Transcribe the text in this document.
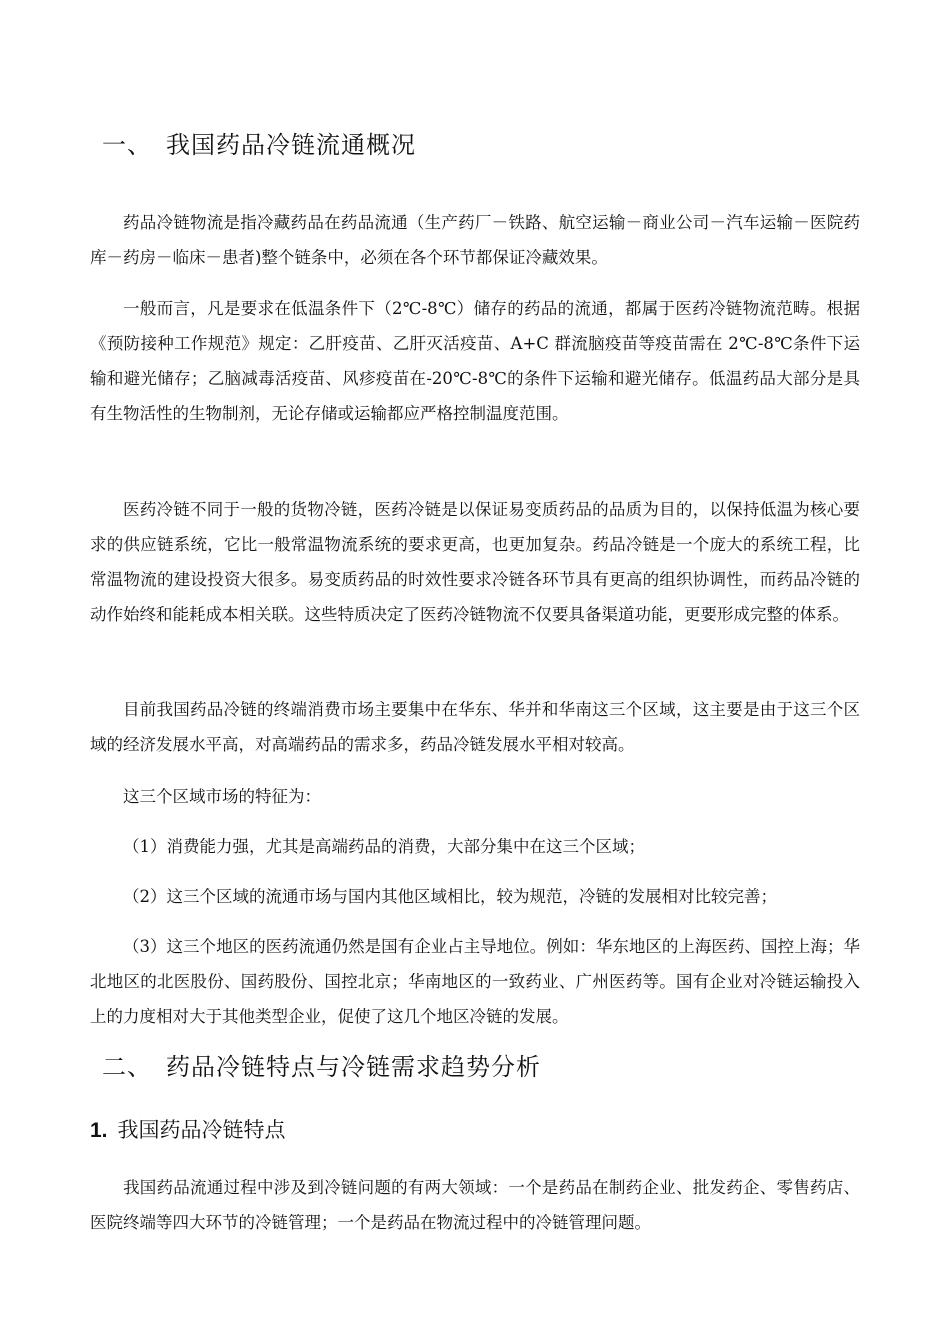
一、 我国药品冷链流通概况
药品冷链物流是指冷藏药品在药品流通（生产药厂－铁路、航空运输－商业公司－汽车运输－医院药库－药房－临床－患者)整个链条中，必须在各个环节都保证冷藏效果。
一般而言，凡是要求在低温条件下（2℃-8℃）储存的药品的流通，都属于医药冷链物流范畴。根据《预防接种工作规范》规定：乙肝疫苗、乙肝灭活疫苗、A+C 群流脑疫苗等疫苗需在 2℃-8℃条件下运输和避光储存；乙脑减毒活疫苗、风疹疫苗在-20℃-8℃的条件下运输和避光储存。低温药品大部分是具有生物活性的生物制剂，无论存储或运输都应严格控制温度范围。
医药冷链不同于一般的货物冷链，医药冷链是以保证易变质药品的品质为目的，以保持低温为核心要求的供应链系统，它比一般常温物流系统的要求更高，也更加复杂。药品冷链是一个庞大的系统工程，比常温物流的建设投资大很多。易变质药品的时效性要求冷链各环节具有更高的组织协调性，而药品冷链的动作始终和能耗成本相关联。这些特质决定了医药冷链物流不仅要具备渠道功能，更要形成完整的体系。
目前我国药品冷链的终端消费市场主要集中在华东、华并和华南这三个区域，这主要是由于这三个区域的经济发展水平高，对高端药品的需求多，药品冷链发展水平相对较高。
这三个区域市场的特征为：
（1）消费能力强，尤其是高端药品的消费，大部分集中在这三个区域；
（2）这三个区域的流通市场与国内其他区域相比，较为规范，冷链的发展相对比较完善；
（3）这三个地区的医药流通仍然是国有企业占主导地位。例如：华东地区的上海医药、国控上海；华北地区的北医股份、国药股份、国控北京；华南地区的一致药业、广州医药等。国有企业对冷链运输投入上的力度相对大于其他类型企业，促使了这几个地区冷链的发展。
二、 药品冷链特点与冷链需求趋势分析
1. 我国药品冷链特点
我国药品流通过程中涉及到冷链问题的有两大领域：一个是药品在制药企业、批发药企、零售药店、医院终端等四大环节的冷链管理；一个是药品在物流过程中的冷链管理问题。
